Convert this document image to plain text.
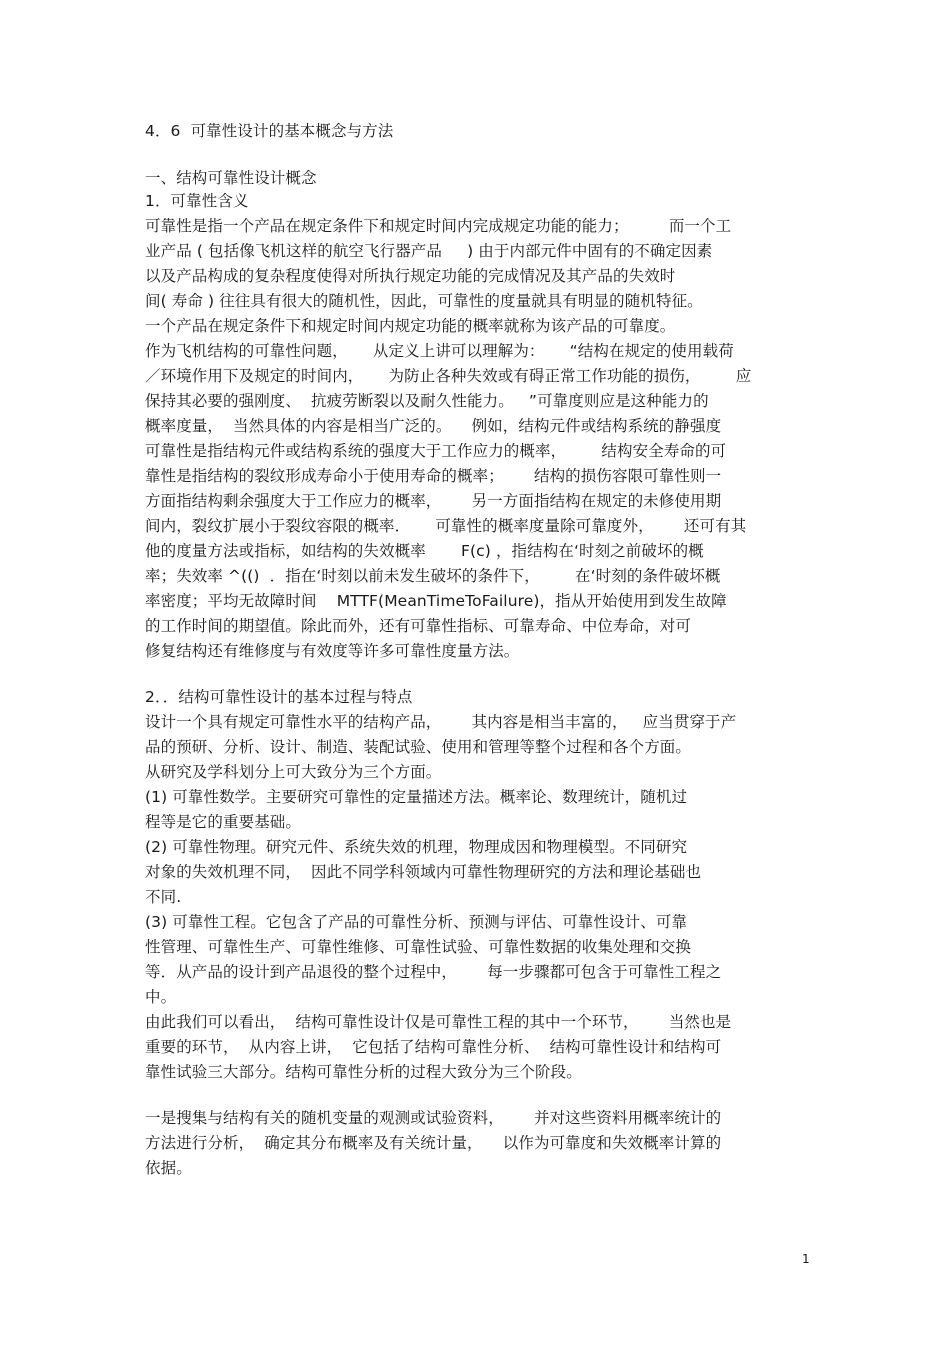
4．6  可靠性设计的基本概念与方法
一、结构可靠性设计概念
1．可靠性含义
可靠性是指一个产品在规定条件下和规定时间内完成规定功能的能力；        而一个工
业产品 ( 包括像飞机这样的航空飞行器产品     ) 由于内部元件中固有的不确定因素
以及产品构成的复杂程度使得对所执行规定功能的完成情况及其产品的失效时
间( 寿命 ) 往往具有很大的随机性，因此，可靠性的度量就具有明显的随机特征。
一个产品在规定条件下和规定时间内规定功能的概率就称为该产品的可靠度。
作为飞机结构的可靠性问题，     从定义上讲可以理解为：     “结构在规定的使用载荷
／环境作用下及规定的时间内，     为防止各种失效或有碍正常工作功能的损伤，       应
保持其必要的强刚度、  抗疲劳断裂以及耐久性能力。   ”可靠度则应是这种能力的
概率度量，  当然具体的内容是相当广泛的。    例如，结构元件或结构系统的静强度
可靠性是指结构元件或结构系统的强度大于工作应力的概率，       结构安全寿命的可
靠性是指结构的裂纹形成寿命小于使用寿命的概率；      结构的损伤容限可靠性则一
方面指结构剩余强度大于工作应力的概率，      另一方面指结构在规定的未修使用期
间内，裂纹扩展小于裂纹容限的概率．     可靠性的概率度量除可靠度外，      还可有其
他的度量方法或指标，如结构的失效概率       F(c) ，指结构在‘时刻之前破坏的概
率；失效率 ^(()  ．指在‘时刻以前未发生破坏的条件下，       在‘时刻的条件破坏概
率密度；平均无故障时间    MTTF(MeanTimeToFailure)，指从开始使用到发生故障
的工作时间的期望值。除此而外，还有可靠性指标、可靠寿命、中位寿命，对可
修复结构还有维修度与有效度等许多可靠性度量方法。
2．．结构可靠性设计的基本过程与特点
设计一个具有规定可靠性水平的结构产品，      其内容是相当丰富的，   应当贯穿于产
品的预研、分析、设计、制造、装配试验、使用和管理等整个过程和各个方面。
从研究及学科划分上可大致分为三个方面。
(1) 可靠性数学。主要研究可靠性的定量描述方法。概率论、数理统计，随机过
程等是它的重要基础。
(2) 可靠性物理。研究元件、系统失效的机理，物理成因和物理模型。不同研究
对象的失效机理不同，  因此不同学科领域内可靠性物理研究的方法和理论基础也
不同.
(3) 可靠性工程。它包含了产品的可靠性分析、预测与评估、可靠性设计、可靠
性管理、可靠性生产、可靠性维修、可靠性试验、可靠性数据的收集处理和交换
等．从产品的设计到产品退役的整个过程中，      每一步骤都可包含于可靠性工程之
中。
由此我们可以看出，  结构可靠性设计仅是可靠性工程的其中一个环节，      当然也是
重要的环节，  从内容上讲，  它包括了结构可靠性分析、  结构可靠性设计和结构可
靠性试验三大部分。结构可靠性分析的过程大致分为三个阶段。
一是搜集与结构有关的随机变量的观测或试验资料，      并对这些资料用概率统计的
方法进行分析，  确定其分布概率及有关统计量，    以作为可靠度和失效概率计算的
依据。
1
